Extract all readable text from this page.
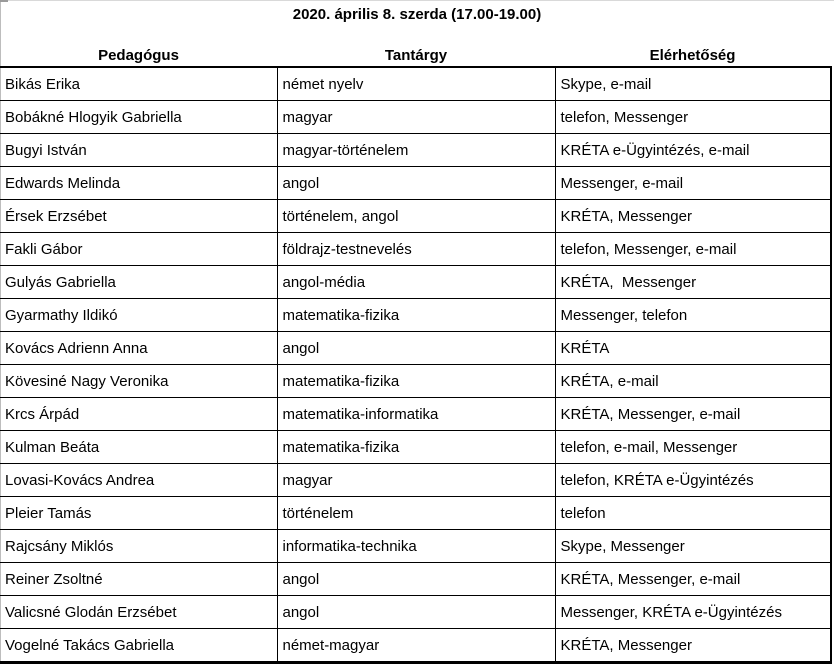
2020. április 8. szerda (17.00-19.00)
Pedagógus	Tantárgy	Elérhetőség
Bikás Erika	német nyelv	Skype, e-mail
Bobákné Hlogyik Gabriella	magyar	telefon, Messenger
Bugyi István	magyar-történelem	KRÉTA e-Ügyintézés, e-mail
Edwards Melinda	angol	Messenger, e-mail
Érsek Erzsébet	történelem, angol	KRÉTA, Messenger
Fakli Gábor	földrajz-testnevelés	telefon, Messenger, e-mail
Gulyás Gabriella	angol-média	KRÉTA,  Messenger
Gyarmathy Ildikó	matematika-fizika	Messenger, telefon
Kovács Adrienn Anna	angol	KRÉTA
Kövesiné Nagy Veronika	matematika-fizika	KRÉTA, e-mail
Krcs Árpád	matematika-informatika	KRÉTA, Messenger, e-mail
Kulman Beáta	matematika-fizika	telefon, e-mail, Messenger
Lovasi-Kovács Andrea	magyar	telefon, KRÉTA e-Ügyintézés
Pleier Tamás	történelem	telefon
Rajcsány Miklós	informatika-technika	Skype, Messenger
Reiner Zsoltné	angol	KRÉTA, Messenger, e-mail
Valicsné Glodán Erzsébet	angol	Messenger, KRÉTA e-Ügyintézés
Vogelné Takács Gabriella	német-magyar	KRÉTA, Messenger
